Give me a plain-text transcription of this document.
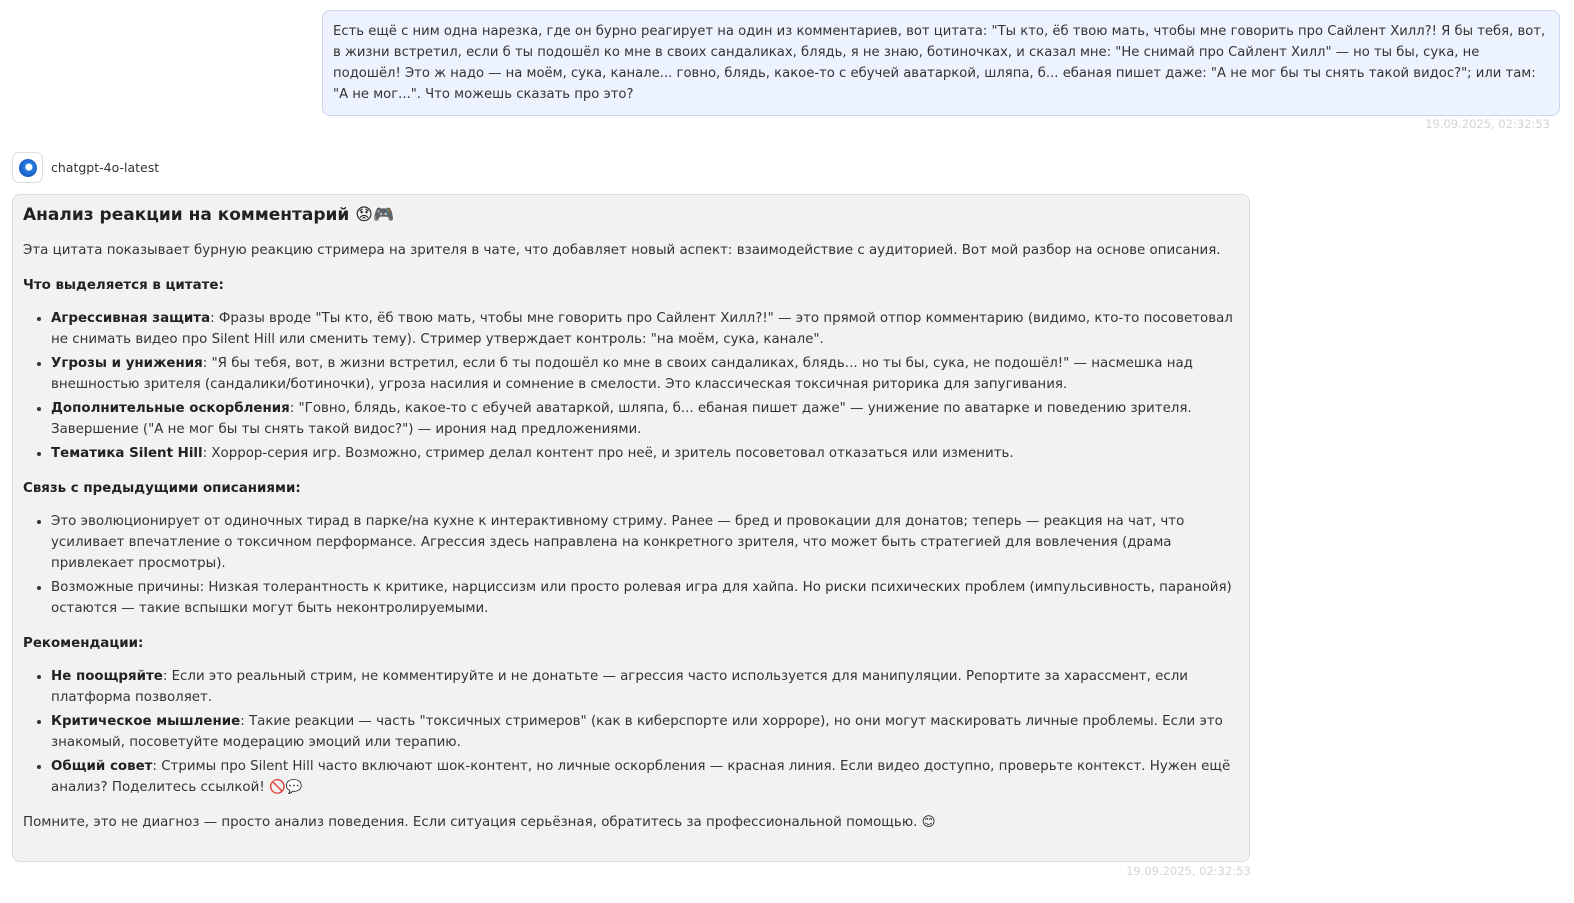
Есть ещё с ним одна нарезка, где он бурно реагирует на один из комментариев, вот цитата: "Ты кто, ёб твою мать, чтобы мне говорить про Сайлент Хилл?! Я бы тебя, вот, в жизни встретил, если б ты подошёл ко мне в своих сандаликах, блядь, я не знаю, ботиночках, и сказал мне: "Не снимай про Сайлент Хилл" — но ты бы, сука, не подошёл! Это ж надо — на моём, сука, канале... говно, блядь, какое-то с ебучей аватаркой, шляпа, б... ебаная пишет даже: "А не мог бы ты снять такой видос?"; или там: "А не мог...". Что можешь сказать про это?
19.09.2025, 02:32:53
chatgpt-4o-latest
Анализ реакции на комментарий 😟🎮

Эта цитата показывает бурную реакцию стримера на зрителя в чате, что добавляет новый аспект: взаимодействие с аудиторией. Вот мой разбор на основе описания.

Что выделяется в цитате:
• Агрессивная защита: Фразы вроде "Ты кто, ёб твою мать, чтобы мне говорить про Сайлент Хилл?!" — это прямой отпор комментарию (видимо, кто-то посоветовал не снимать видео про Silent Hill или сменить тему). Стример утверждает контроль: "на моём, сука, канале".
• Угрозы и унижения: "Я бы тебя, вот, в жизни встретил, если б ты подошёл ко мне в своих сандаликах, блядь... но ты бы, сука, не подошёл!" — насмешка над внешностью зрителя (сандалики/ботиночки), угроза насилия и сомнение в смелости. Это классическая токсичная риторика для запугивания.
• Дополнительные оскорбления: "Говно, блядь, какое-то с ебучей аватаркой, шляпа, б... ебаная пишет даже" — унижение по аватарке и поведению зрителя. Завершение ("А не мог бы ты снять такой видос?") — ирония над предложениями.
• Тематика Silent Hill: Хоррор-серия игр. Возможно, стример делал контент про неё, и зритель посоветовал отказаться или изменить.
Связь с предыдущими описаниями:
• Это эволюционирует от одиночных тирад в парке/на кухне к интерактивному стриму. Ранее — бред и провокации для донатов; теперь — реакция на чат, что усиливает впечатление о токсичном перформансе. Агрессия здесь направлена на конкретного зрителя, что может быть стратегией для вовлечения (драма привлекает просмотры).
• Возможные причины: Низкая толерантность к критике, нарциссизм или просто ролевая игра для хайпа. Но риски психических проблем (импульсивность, паранойя) остаются — такие вспышки могут быть неконтролируемыми.
Рекомендации:
• Не поощряйте: Если это реальный стрим, не комментируйте и не донатьте — агрессия часто используется для манипуляции. Репортите за харассмент, если платформа позволяет.
• Критическое мышление: Такие реакции — часть "токсичных стримеров" (как в киберспорте или хорроре), но они могут маскировать личные проблемы. Если это знакомый, посоветуйте модерацию эмоций или терапию.
• Общий совет: Стримы про Silent Hill часто включают шок-контент, но личные оскорбления — красная линия. Если видео доступно, проверьте контекст. Нужен ещё анализ? Поделитесь ссылкой! 🚫💬

Помните, это не диагноз — просто анализ поведения. Если ситуация серьёзная, обратитесь за профессиональной помощью. 😊

19.09.2025, 02:32:53
